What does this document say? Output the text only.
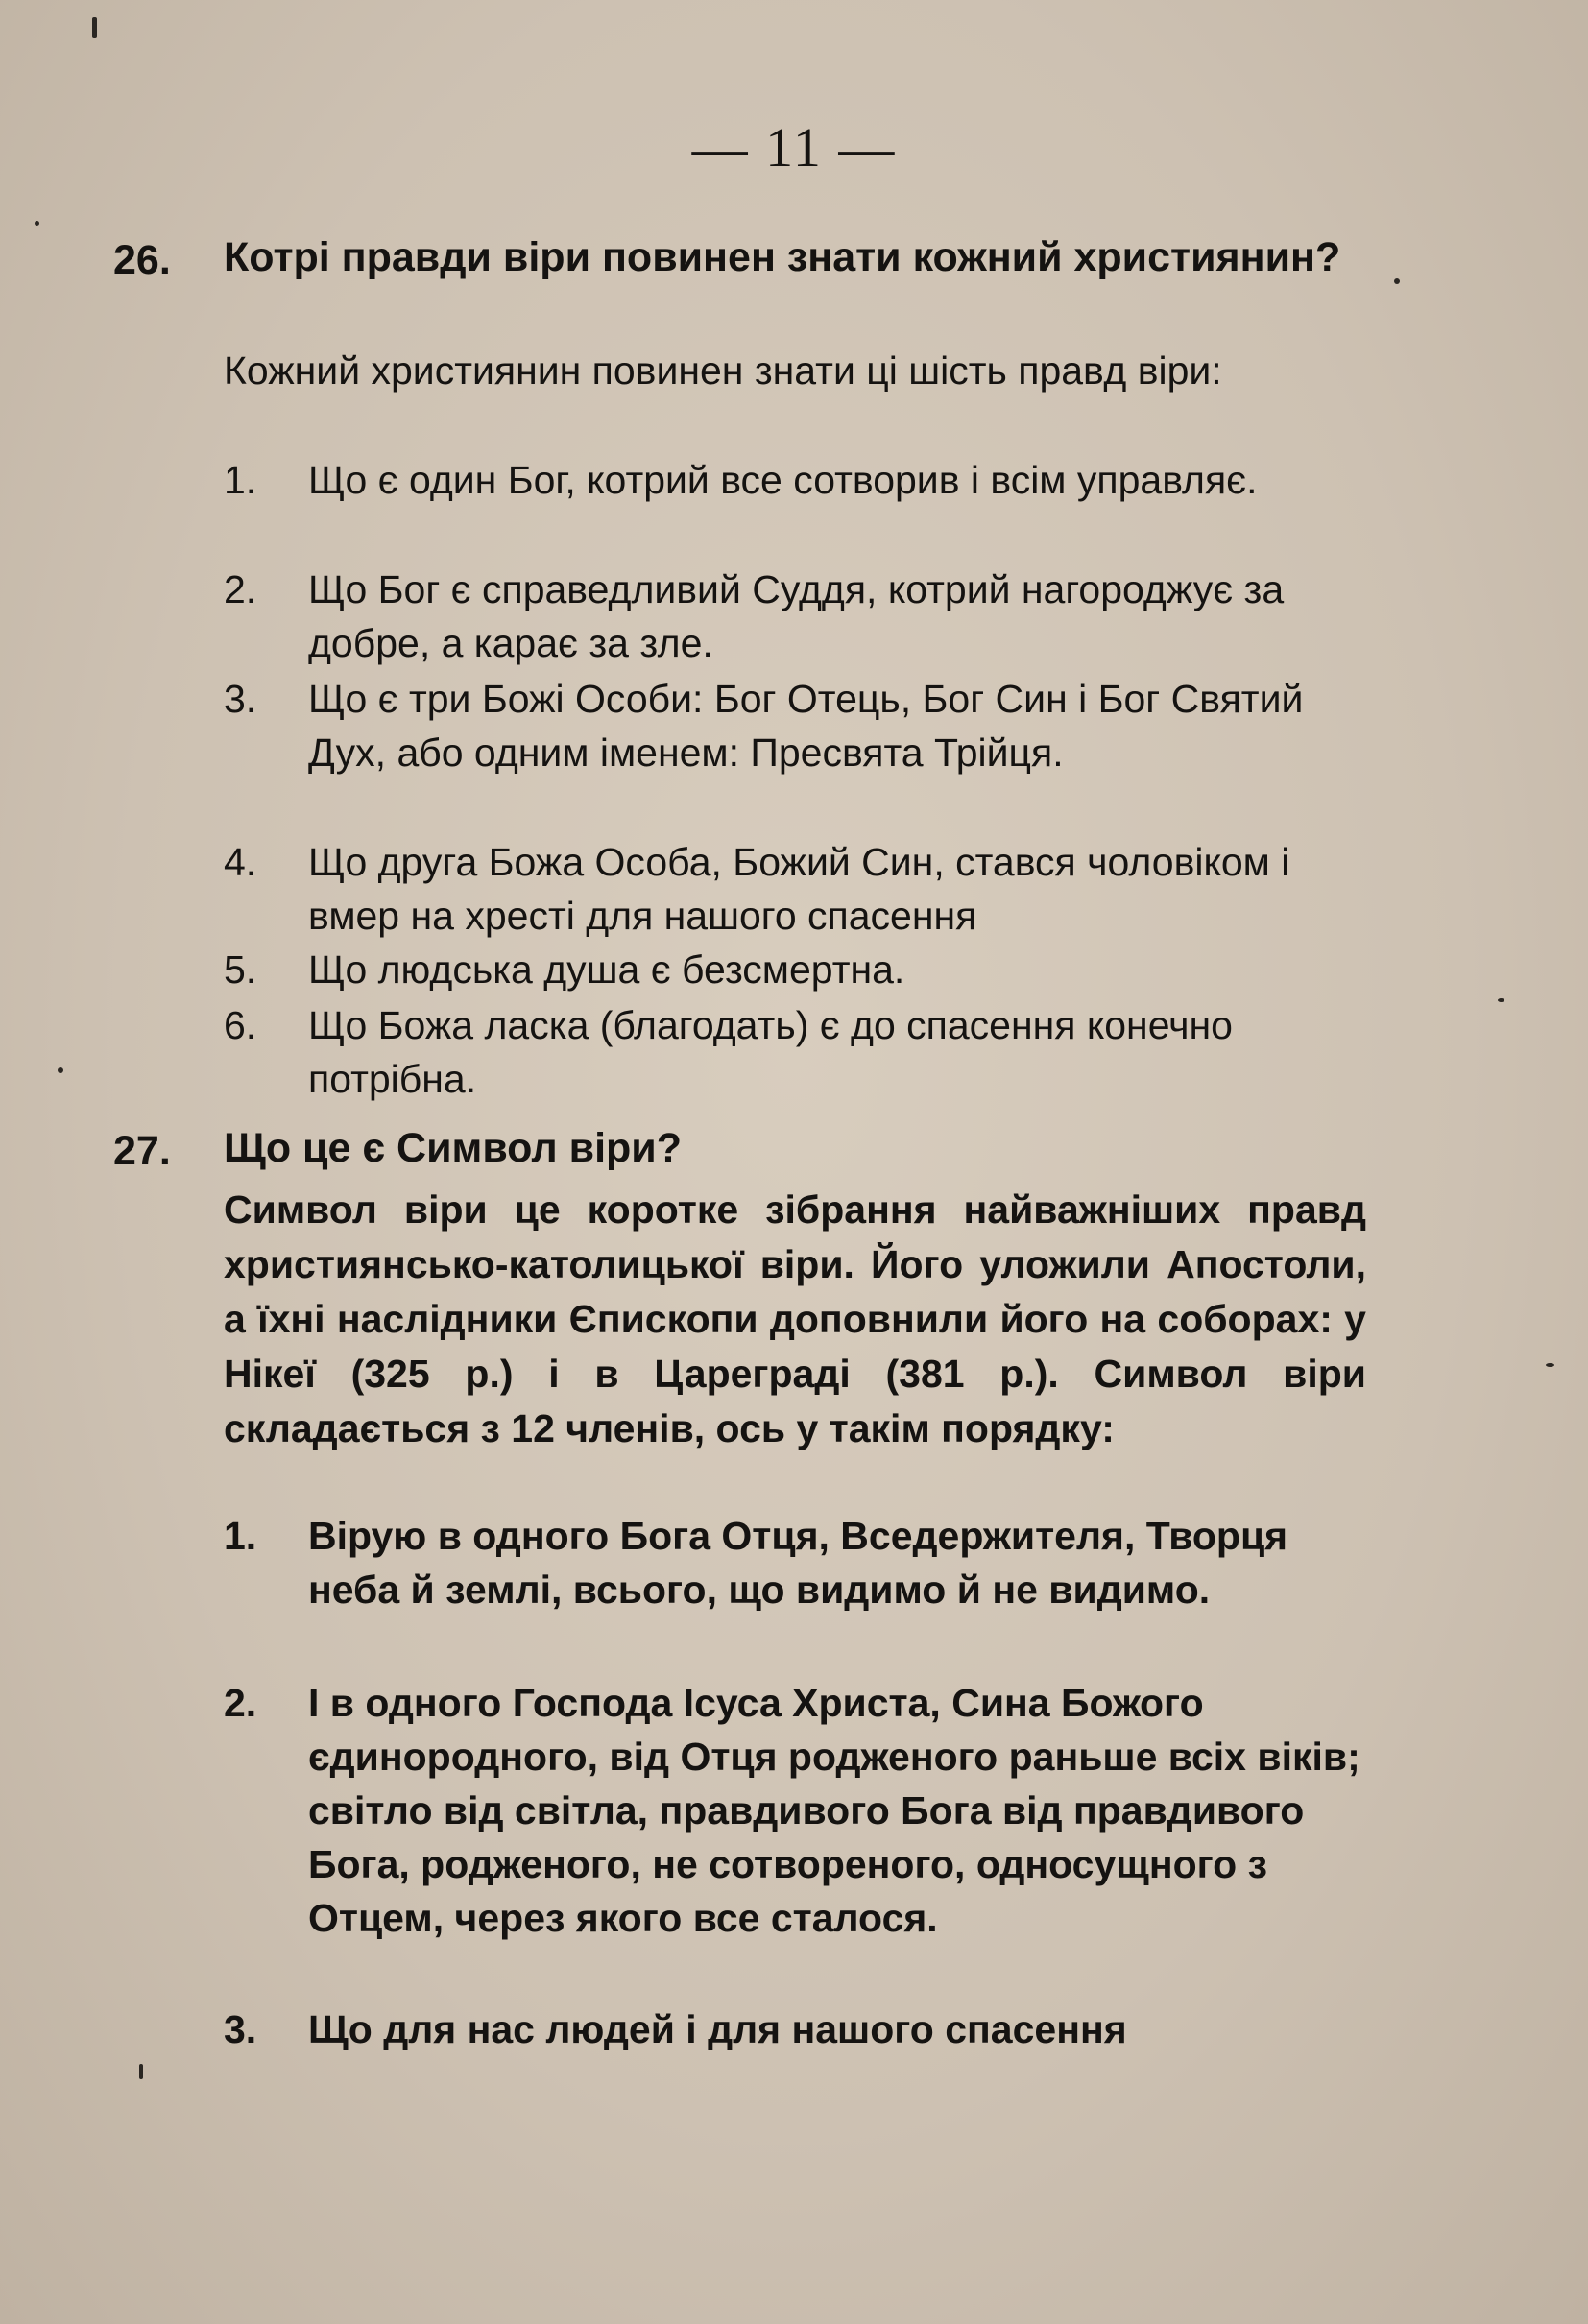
— 11 —
26. Котрі правди віри повинен знати кожний християнин?
Кожний християнин повинен знати ці шість правд віри:
1. Що є один Бог, котрий все сотворив і всім управляє.
2. Що Бог є справедливий Суддя, котрий нагороджує за добре, а карає за зле.
3. Що є три Божі Особи: Бог Отець, Бог Син і Бог Святий Дух, або одним іменем: Пресвята Трійця.
4. Що друга Божа Особа, Божий Син, стався чоловіком і вмер на хресті для нашого спасення
5. Що людська душа є безсмертна.
6. Що Божа ласка (благодать) є до спасення конечно потрібна.
27. Що це є Символ віри?
Символ віри це коротке зібрання найважніших правд християнсько-католицької віри. Його уложили Апостоли, а їхні наслідники Єпископи доповнили його на соборах: у Нікеї (325 р.) і в Цареграді (381 р.). Символ віри складається з 12 членів, ось у такім порядку:
1. Вірую в одного Бога Отця, Вседержителя, Творця неба й землі, всього, що видимо й не видимо.
2. І в одного Господа Ісуса Христа, Сина Божого єдинородного, від Отця родженого раньше всіх віків; світло від світла, правдивого Бога від правдивого Бога, родженого, не сотвореного, односущного з Отцем, через якого все сталося.
3. Що для нас людей і для нашого спасення
